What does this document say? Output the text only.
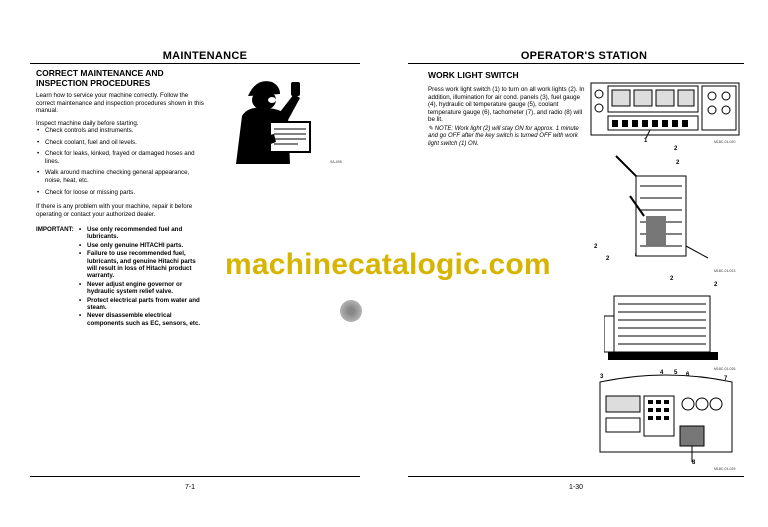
MAINTENANCE
CORRECT MAINTENANCE AND INSPECTION PROCEDURES
Learn how to service your machine correctly. Follow the correct maintenance and inspection procedures shown in this manual.
Inspect machine daily before starting.
• Check controls and instruments.
• Check coolant, fuel and oil levels.
• Check for leaks, kinked, frayed or damaged hoses and lines.
• Walk around machine checking general appearance, noise, heat, etc.
• Check for loose or missing parts.
If there is any problem with your machine, repair it before operating or contact your authorized dealer.
IMPORTANT:
•	Use only recommended fuel and lubricants.
• Use only genuine HITACHI parts.
• Failure to use recommended fuel, lubricants, and genuine Hitachi parts will result in loss of Hitachi product warranty.
• Never adjust engine governor or hydraulic system relief valve.
• Protect electrical parts from water and steam.
• Never disassemble electrical components such as EC, sensors, etc.
SA-005
7-1
OPERATOR'S STATION
WORK LIGHT SWITCH
Press work light switch (1) to turn on all work lights (2). In addition, illumination for air cond. panels (3), fuel gauge (4), hydraulic oil temperature gauge (5), coolant temperature gauge (6), tachometer (7), and radio (8) will be lit.
✎ NOTE: Work light (2) will stay ON for approx. 1 minute and go OFF after the key switch is turned OFF with work light switch (1) ON.	1	M18C-01-020
2
2
2
2
M18C-01-013
2
2
M18C-01-026
3
4 5 6
7
8
M18C-01-029
1-30
machinecatalogic.com
